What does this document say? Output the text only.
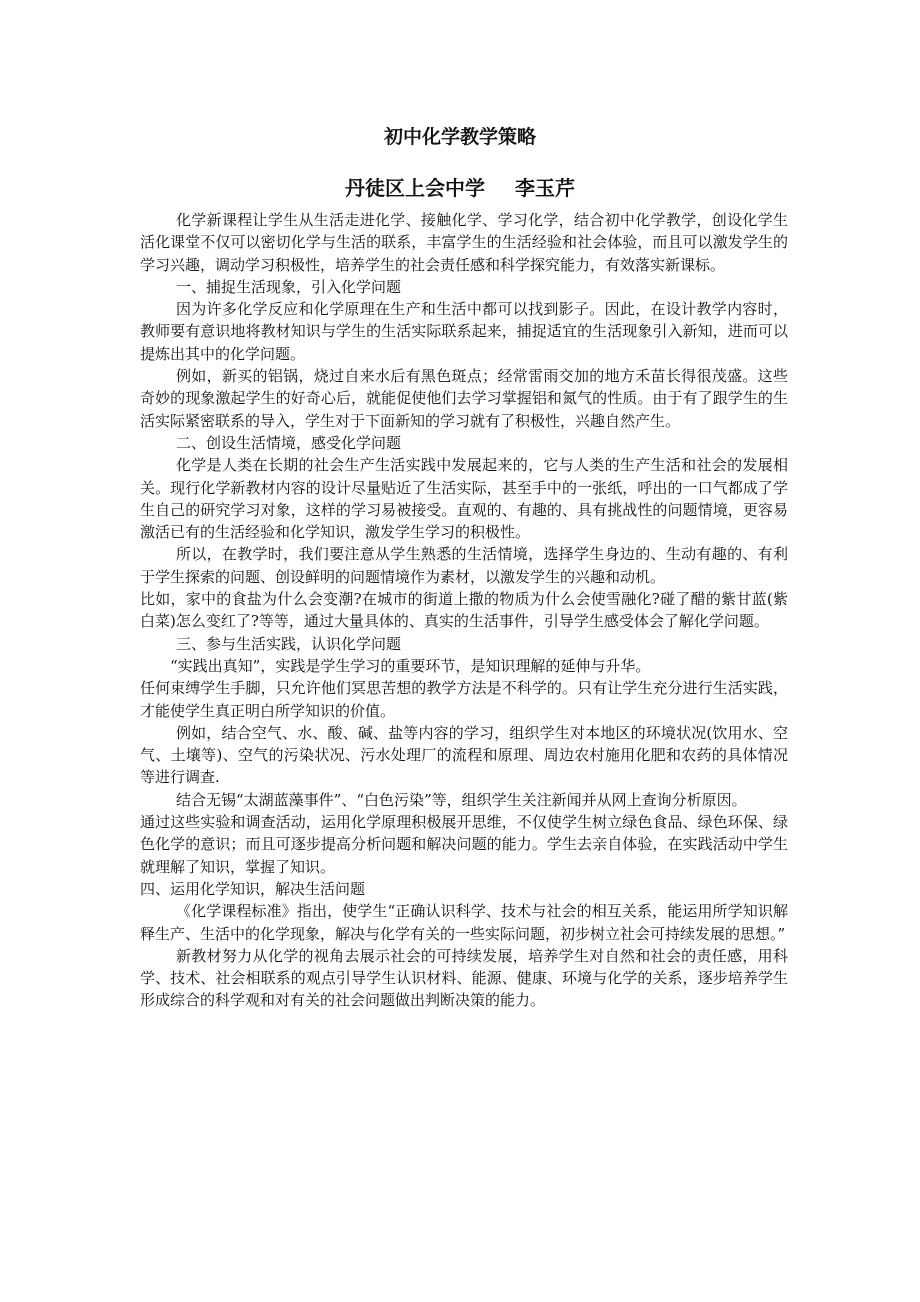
初中化学教学策略
丹徒区上会中学 李玉芹

化学新课程让学生从生活走进化学、接触化学、学习化学，结合初中化学教学，创设化学生活化课堂不仅可以密切化学与生活的联系，丰富学生的生活经验和社会体验，而且可以激发学生的学习兴趣，调动学习积极性，培养学生的社会责任感和科学探究能力，有效落实新课标。

一、捕捉生活现象，引入化学问题

因为许多化学反应和化学原理在生产和生活中都可以找到影子。因此，在设计教学内容时，教师要有意识地将教材知识与学生的生活实际联系起来，捕捉适宜的生活现象引入新知，进而可以提炼出其中的化学问题。

例如，新买的铝锅，烧过自来水后有黑色斑点；经常雷雨交加的地方禾苗长得很茂盛。这些奇妙的现象激起学生的好奇心后，就能促使他们去学习掌握铝和氮气的性质。由于有了跟学生的生活实际紧密联系的导入，学生对于下面新知的学习就有了积极性，兴趣自然产生。

二、创设生活情境，感受化学问题

化学是人类在长期的社会生产生活实践中发展起来的，它与人类的生产生活和社会的发展相关。现行化学新教材内容的设计尽量贴近了生活实际，甚至手中的一张纸，呼出的一口气都成了学生自己的研究学习对象，这样的学习易被接受。直观的、有趣的、具有挑战性的问题情境，更容易激活已有的生活经验和化学知识，激发学生学习的积极性。

所以，在教学时，我们要注意从学生熟悉的生活情境，选择学生身边的、生动有趣的、有利于学生探索的问题、创设鲜明的问题情境作为素材，以激发学生的兴趣和动机。

比如，家中的食盐为什么会变潮?在城市的街道上撒的物质为什么会使雪融化?碰了醋的紫甘蓝(紫白菜)怎么变红了?等等，通过大量具体的、真实的生活事件，引导学生感受体会了解化学问题。

三、参与生活实践，认识化学问题

“实践出真知”，实践是学生学习的重要环节，是知识理解的延伸与升华。

任何束缚学生手脚，只允许他们冥思苦想的教学方法是不科学的。只有让学生充分进行生活实践，才能使学生真正明白所学知识的价值。

例如，结合空气、水、酸、碱、盐等内容的学习，组织学生对本地区的环境状况(饮用水、空气、土壤等)、空气的污染状况、污水处理厂的流程和原理、周边农村施用化肥和农药的具体情况等进行调查.

结合无锡“太湖蓝藻事件”、“白色污染”等，组织学生关注新闻并从网上查询分析原因。

通过这些实验和调查活动，运用化学原理积极展开思维，不仅使学生树立绿色食品、绿色环保、绿色化学的意识；而且可逐步提高分析问题和解决问题的能力。学生去亲自体验，在实践活动中学生就理解了知识，掌握了知识。

四、运用化学知识，解决生活问题

《化学课程标准》指出，使学生“正确认识科学、技术与社会的相互关系，能运用所学知识解释生产、生活中的化学现象，解决与化学有关的一些实际问题，初步树立社会可持续发展的思想。”

新教材努力从化学的视角去展示社会的可持续发展，培养学生对自然和社会的责任感，用科学、技术、社会相联系的观点引导学生认识材料、能源、健康、环境与化学的关系，逐步培养学生形成综合的科学观和对有关的社会问题做出判断决策的能力。
